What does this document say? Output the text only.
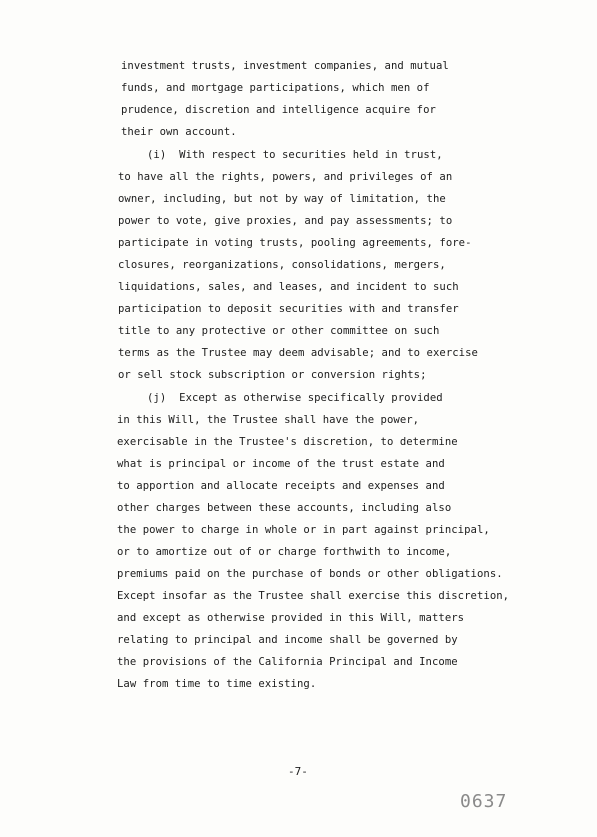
investment trusts, investment companies, and mutual
funds, and mortgage participations, which men of
prudence, discretion and intelligence acquire for
their own account.
(i)  With respect to securities held in trust,
to have all the rights, powers, and privileges of an
owner, including, but not by way of limitation, the
power to vote, give proxies, and pay assessments; to
participate in voting trusts, pooling agreements, fore-
closures, reorganizations, consolidations, mergers,
liquidations, sales, and leases, and incident to such
participation to deposit securities with and transfer
title to any protective or other committee on such
terms as the Trustee may deem advisable; and to exercise
or sell stock subscription or conversion rights;
(j)  Except as otherwise specifically provided
in this Will, the Trustee shall have the power,
exercisable in the Trustee's discretion, to determine
what is principal or income of the trust estate and
to apportion and allocate receipts and expenses and
other charges between these accounts, including also
the power to charge in whole or in part against principal,
or to amortize out of or charge forthwith to income,
premiums paid on the purchase of bonds or other obligations.
Except insofar as the Trustee shall exercise this discretion,
and except as otherwise provided in this Will, matters
relating to principal and income shall be governed by
the provisions of the California Principal and Income
Law from time to time existing.
-7-
0637
